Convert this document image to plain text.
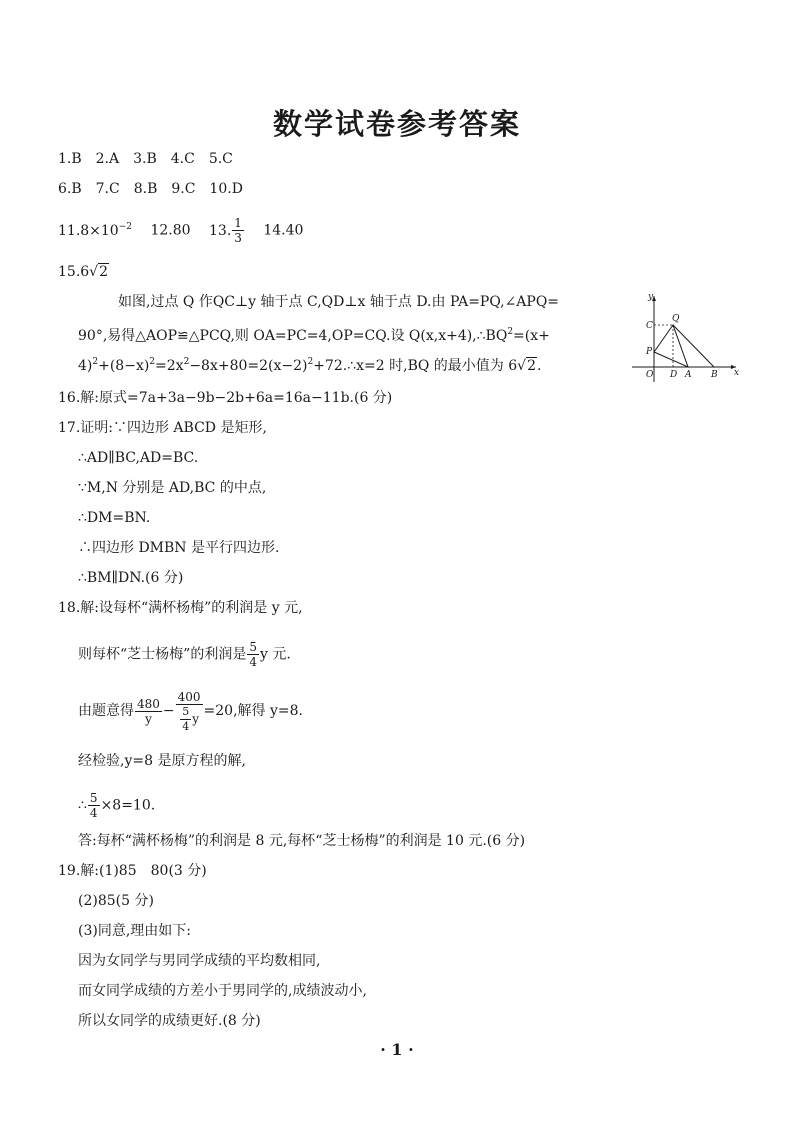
数学试卷参考答案
1.B　2.A　3.B　4.C　5.C
6.B　7.C　8.B　9.C　10.D
$11.8\times 10^{-2}$　 12.80　 13. $\frac{1}{3}$
　 14.40
15.6√2
如图,过点 Q 作QC⊥y 轴于点 C,QD⊥x 轴于点 D.由 PA=PQ,∠APQ=
90°,易得△AOP≌△PCQ,则 OA=PC=4,OP=CQ.设 $Q(x,x+4),\therefore BQ^2=(x+$
$4)^2+(8-x)^2=2x^2-8x+80=2(x-2)^2+72.\therefore x=2$ 时,BQ 的最小值为 6√2.
y
x
O
C
P
Q
D A B
16.解:原式=7a+3a−9b−2b+6a=16a−11b.(6 分)
17.证明:∵四边形 ABCD 是矩形,
∴AD∥BC,AD=BC.
∵M,N 分别是 AD,BC 的中点,
∴DM=BN.
∴四边形 DMBN 是平行四边形.
∴BM∥DN.(6 分)
18.解:设每杯“满杯杨梅”的利润是 y 元,
则每杯“芝士杨梅”的利润是 $\frac{5}{4}$ y 元.
由题意得 $\frac{480}{y} - \frac{400}{\frac{5}{4} y} =20$,解得 y=8.
经检验,y=8 是原方程的解,
∴ $\frac{5}{4} \times 8=10$.
答:每杯“满杯杨梅”的利润是 8 元,每杯“芝士杨梅”的利润是 10 元.(6 分)
19.解:(1)85　80(3 分)
(2)85(5 分)
(3)同意,理由如下:
因为女同学与男同学成绩的平均数相同,
而女同学成绩的方差小于男同学的,成绩波动小,
所以女同学的成绩更好.(8 分)
· 1 ·
